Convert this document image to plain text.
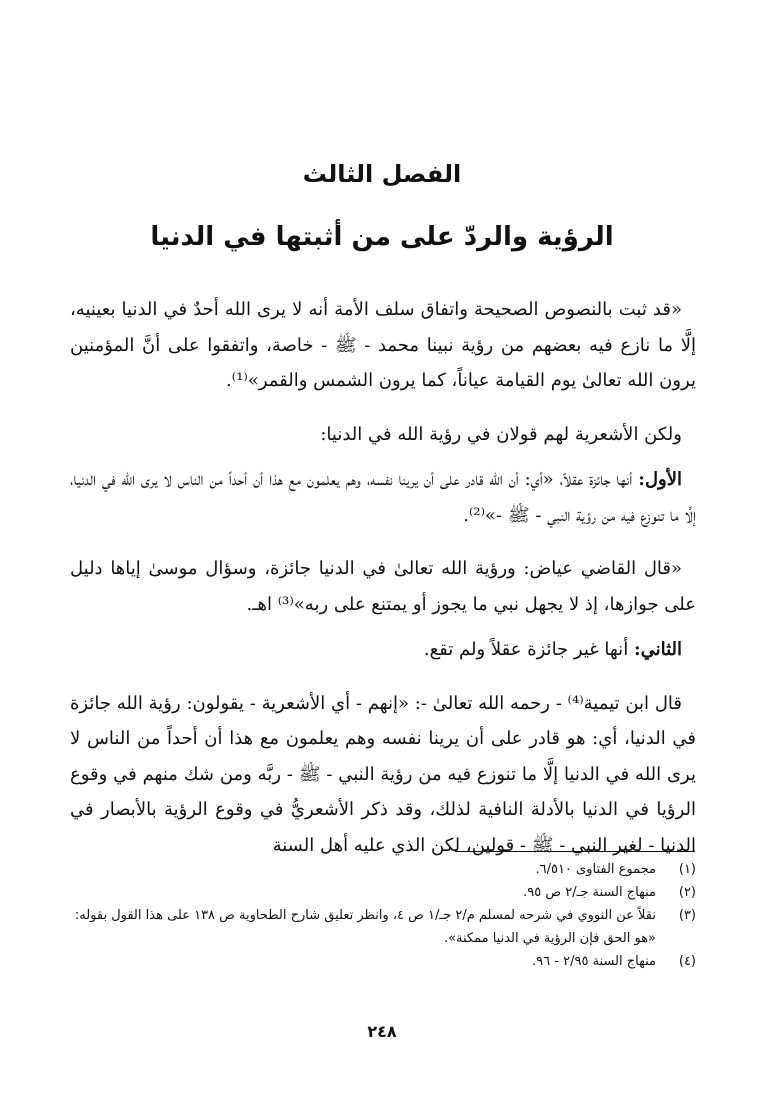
الفصل الثالث
الرؤية والردّ على من أثبتها في الدنيا

«قد ثبت بالنصوص الصحيحة واتفاق سلف الأمة أنه لا يرى الله أحدٌ في الدنيا بعينيه، إلَّا ما نازع فيه بعضهم من رؤية نبينا محمد - ﷺ - خاصة، واتفقوا على أنَّ المؤمنين يرون الله تعالىٰ يوم القيامة عياناً، كما يرون الشمس والقمر»⁽¹⁾.

ولكن الأشعرية لهم قولان في رؤية الله في الدنيا:

الأول: أنها جائزة عقلاً، «أي: أن الله قادر على أن يرينا نفسه، وهم يعلمون مع هذا أن أحداً من الناس لا يرى الله في الدنيا، إلَّا ما تنوزع فيه من رؤية النبي - ﷺ -»⁽²⁾.

«قال القاضي عياض: ورؤية الله تعالىٰ في الدنيا جائزة، وسؤال موسىٰ إياها دليل على جوازها، إذ لا يجهل نبي ما يجوز أو يمتنع على ربه»⁽³⁾ اهـ.

الثاني: أنها غير جائزة عقلاً ولم تقع.

قال ابن تيمية⁽⁴⁾ - رحمه الله تعالىٰ -: «إنهم - أي الأشعرية - يقولون: رؤية الله جائزة في الدنيا، أي: هو قادر على أن يرينا نفسه وهم يعلمون مع هذا أن أحداً من الناس لا يرى الله في الدنيا إلَّا ما تنوزع فيه من رؤية النبي - ﷺ - ربَّه ومن شك منهم في وقوع الرؤيا في الدنيا بالأدلة النافية لذلك، وقد ذكر الأشعريُّ في وقوع الرؤية بالأبصار في الدنيا - لغير النبي - ﷺ - قولين، لكن الذي عليه أهل السنة

(١)
مجموع الفتاوى ٦/٥١٠.
(٢)
منهاج السنة جـ/٢ ص ٩٥.
(٣)
نقلاً عن النووي في شرحه لمسلم م/٢ جـ/١ ص ٤، وانظر تعليق شارح الطحاوية ص ١٣٨ على هذا القول بقوله: «هو الحق فإن الرؤية في الدنيا ممكنة».
(٤)
منهاج السنة ٢/٩٥ - ٩٦.
٢٤٨
